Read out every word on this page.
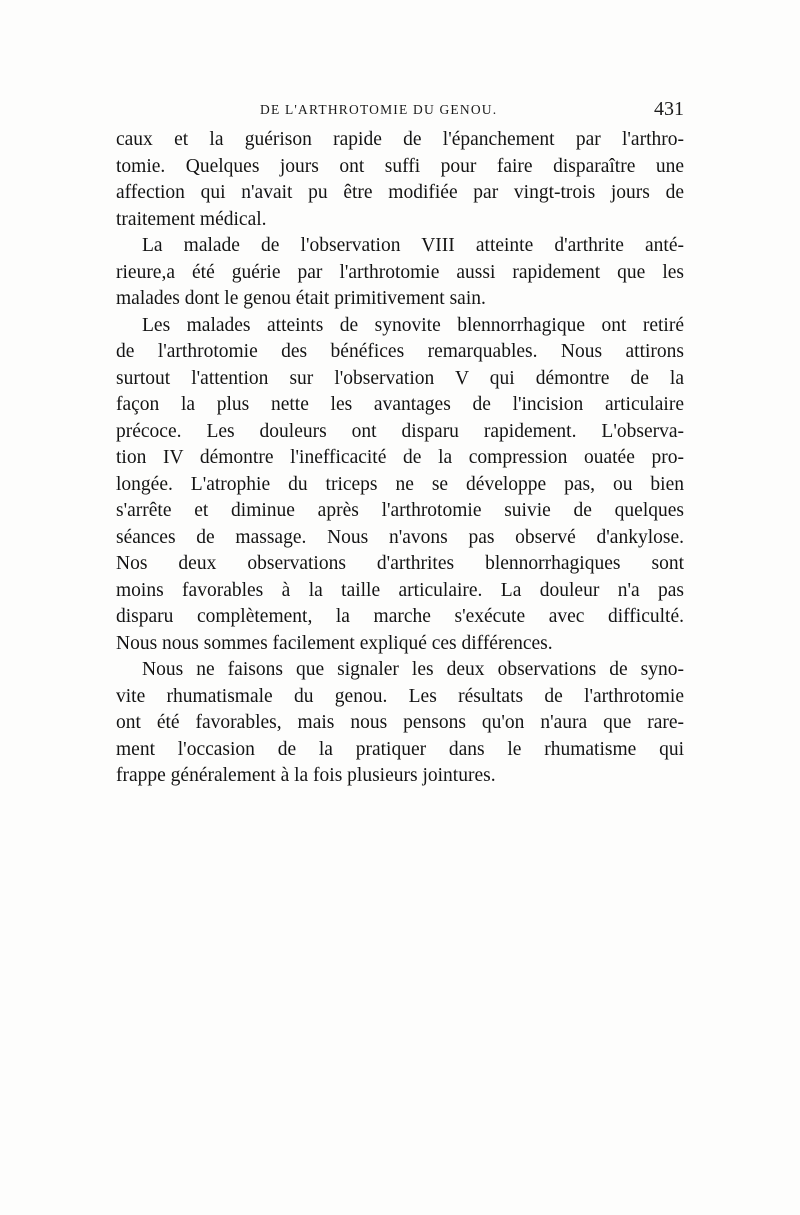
DE L'ARTHROTOMIE DU GENOU.	431
caux et la guérison rapide de l'épanchement par l'arthro-
tomie. Quelques jours ont suffi pour faire disparaître une
affection qui n'avait pu être modifiée par vingt-trois jours de
traitement médical.
La malade de l'observation VIII atteinte d'arthrite anté-
rieure,a été guérie par l'arthrotomie aussi rapidement que les
malades dont le genou était primitivement sain.
Les malades atteints de synovite blennorrhagique ont retiré
de l'arthrotomie des bénéfices remarquables. Nous attirons
surtout l'attention sur l'observation V qui démontre de la
façon la plus nette les avantages de l'incision articulaire
précoce. Les douleurs ont disparu rapidement. L'observa-
tion IV démontre l'inefficacité de la compression ouatée pro-
longée. L'atrophie du triceps ne se développe pas, ou bien
s'arrête et diminue après l'arthrotomie suivie de quelques
séances de massage. Nous n'avons pas observé d'ankylose.
Nos deux observations d'arthrites blennorrhagiques sont
moins favorables à la taille articulaire. La douleur n'a pas
disparu complètement, la marche s'exécute avec difficulté.
Nous nous sommes facilement expliqué ces différences.
Nous ne faisons que signaler les deux observations de syno-
vite rhumatismale du genou. Les résultats de l'arthrotomie
ont été favorables, mais nous pensons qu'on n'aura que rare-
ment l'occasion de la pratiquer dans le rhumatisme qui
frappe généralement à la fois plusieurs jointures.
